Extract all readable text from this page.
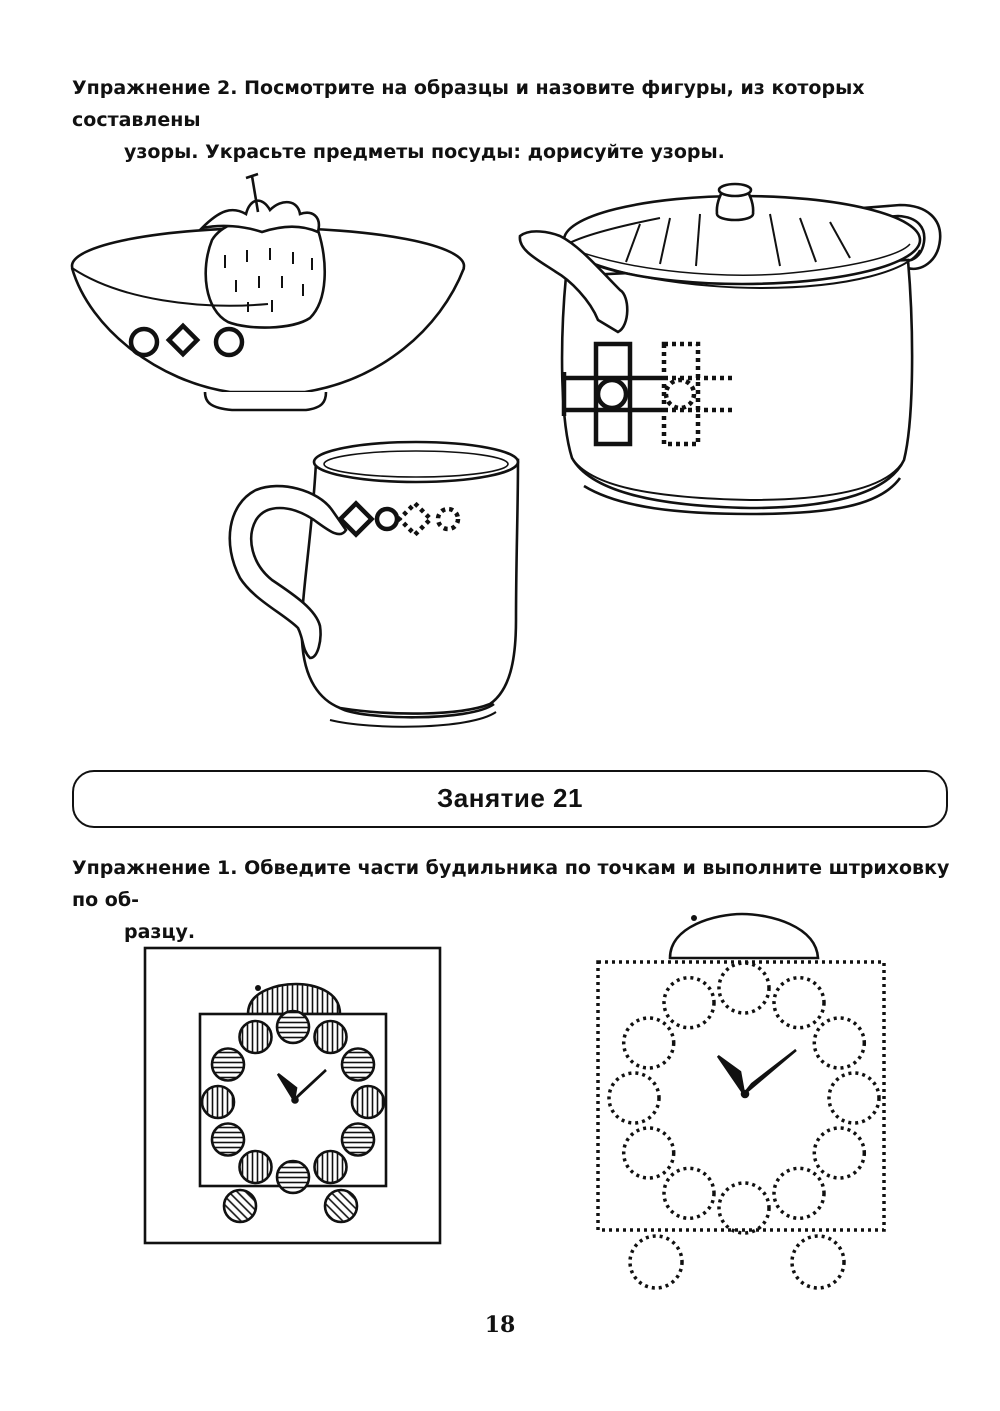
Упражнение 2. Посмотрите на образцы и назовите фигуры, из которых составлены
узоры. Украсьте предметы посуды: дорисуйте узоры.
Занятие 21
Упражнение 1. Обведите части будильника по точкам и выполните штриховку по об-
разцу.
18
